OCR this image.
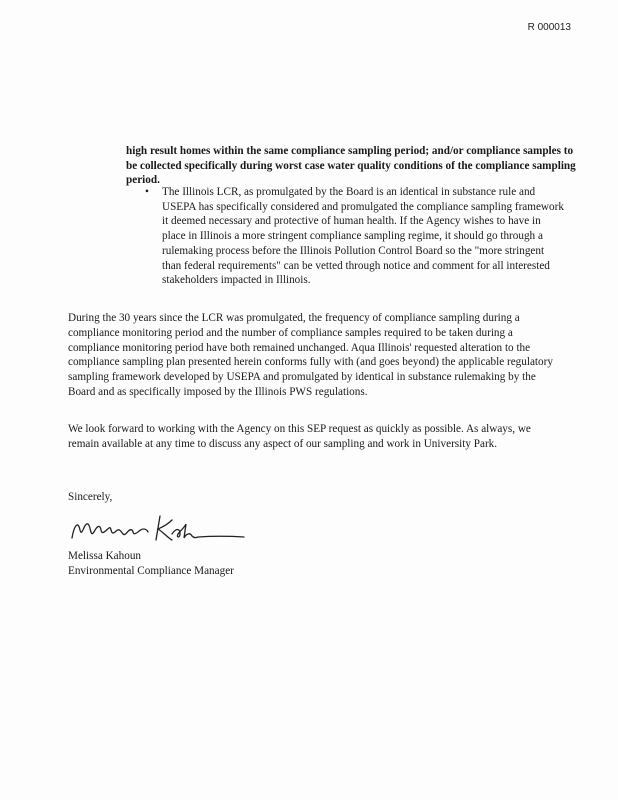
R 000013

high result homes within the same compliance sampling period; and/or compliance samples to be collected specifically during worst case water quality conditions of the compliance sampling period.

•	The Illinois LCR, as promulgated by the Board is an identical in substance rule and USEPA has specifically considered and promulgated the compliance sampling framework it deemed necessary and protective of human health. If the Agency wishes to have in place in Illinois a more stringent compliance sampling regime, it should go through a rulemaking process before the Illinois Pollution Control Board so the "more stringent than federal requirements" can be vetted through notice and comment for all interested stakeholders impacted in Illinois.

During the 30 years since the LCR was promulgated, the frequency of compliance sampling during a compliance monitoring period and the number of compliance samples required to be taken during a compliance monitoring period have both remained unchanged. Aqua Illinois' requested alteration to the compliance sampling plan presented herein conforms fully with (and goes beyond) the applicable regulatory sampling framework developed by USEPA and promulgated by identical in substance rulemaking by the Board and as specifically imposed by the Illinois PWS regulations.

We look forward to working with the Agency on this SEP request as quickly as possible. As always, we remain available at any time to discuss any aspect of our sampling and work in University Park.

Sincerely,

Melissa Kahoun

Environmental Compliance Manager
